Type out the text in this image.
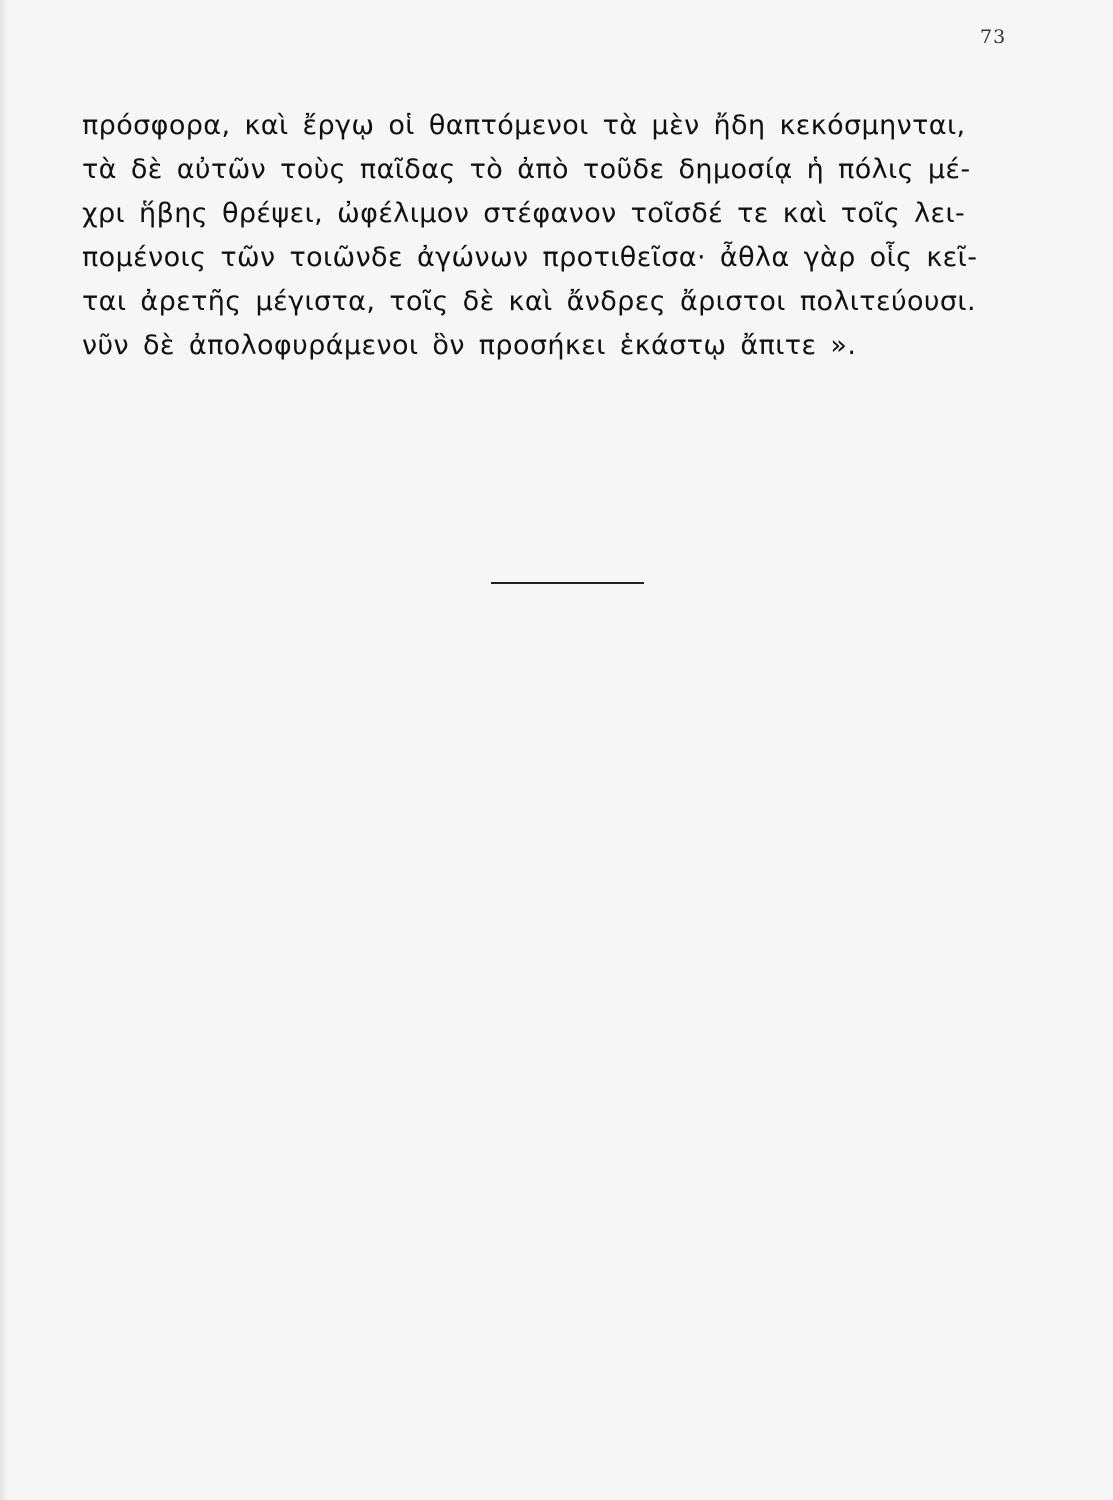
73
πρόσφορα, καὶ ἔργῳ οἱ θαπτόμενοι τὰ μὲν ἤδη κεκόσμηνται,
τὰ δὲ αὐτῶν τοὺς παῖδας τὸ ἀπὸ τοῦδε δημοσίᾳ ἡ πόλις μέ-
χρι ἥβης θρέψει, ὠφέλιμον στέφανον τοῖσδέ τε καὶ τοῖς λει-
πομένοις τῶν τοιῶνδε ἀγώνων προτιθεῖσα· ἆθλα γὰρ οἷς κεῖ-
ται ἀρετῆς μέγιστα, τοῖς δὲ καὶ ἄνδρες ἄριστοι πολιτεύουσι.
νῦν δὲ ἀπολοφυράμενοι ὃν προσήκει ἑκάστῳ ἄπιτε ».
